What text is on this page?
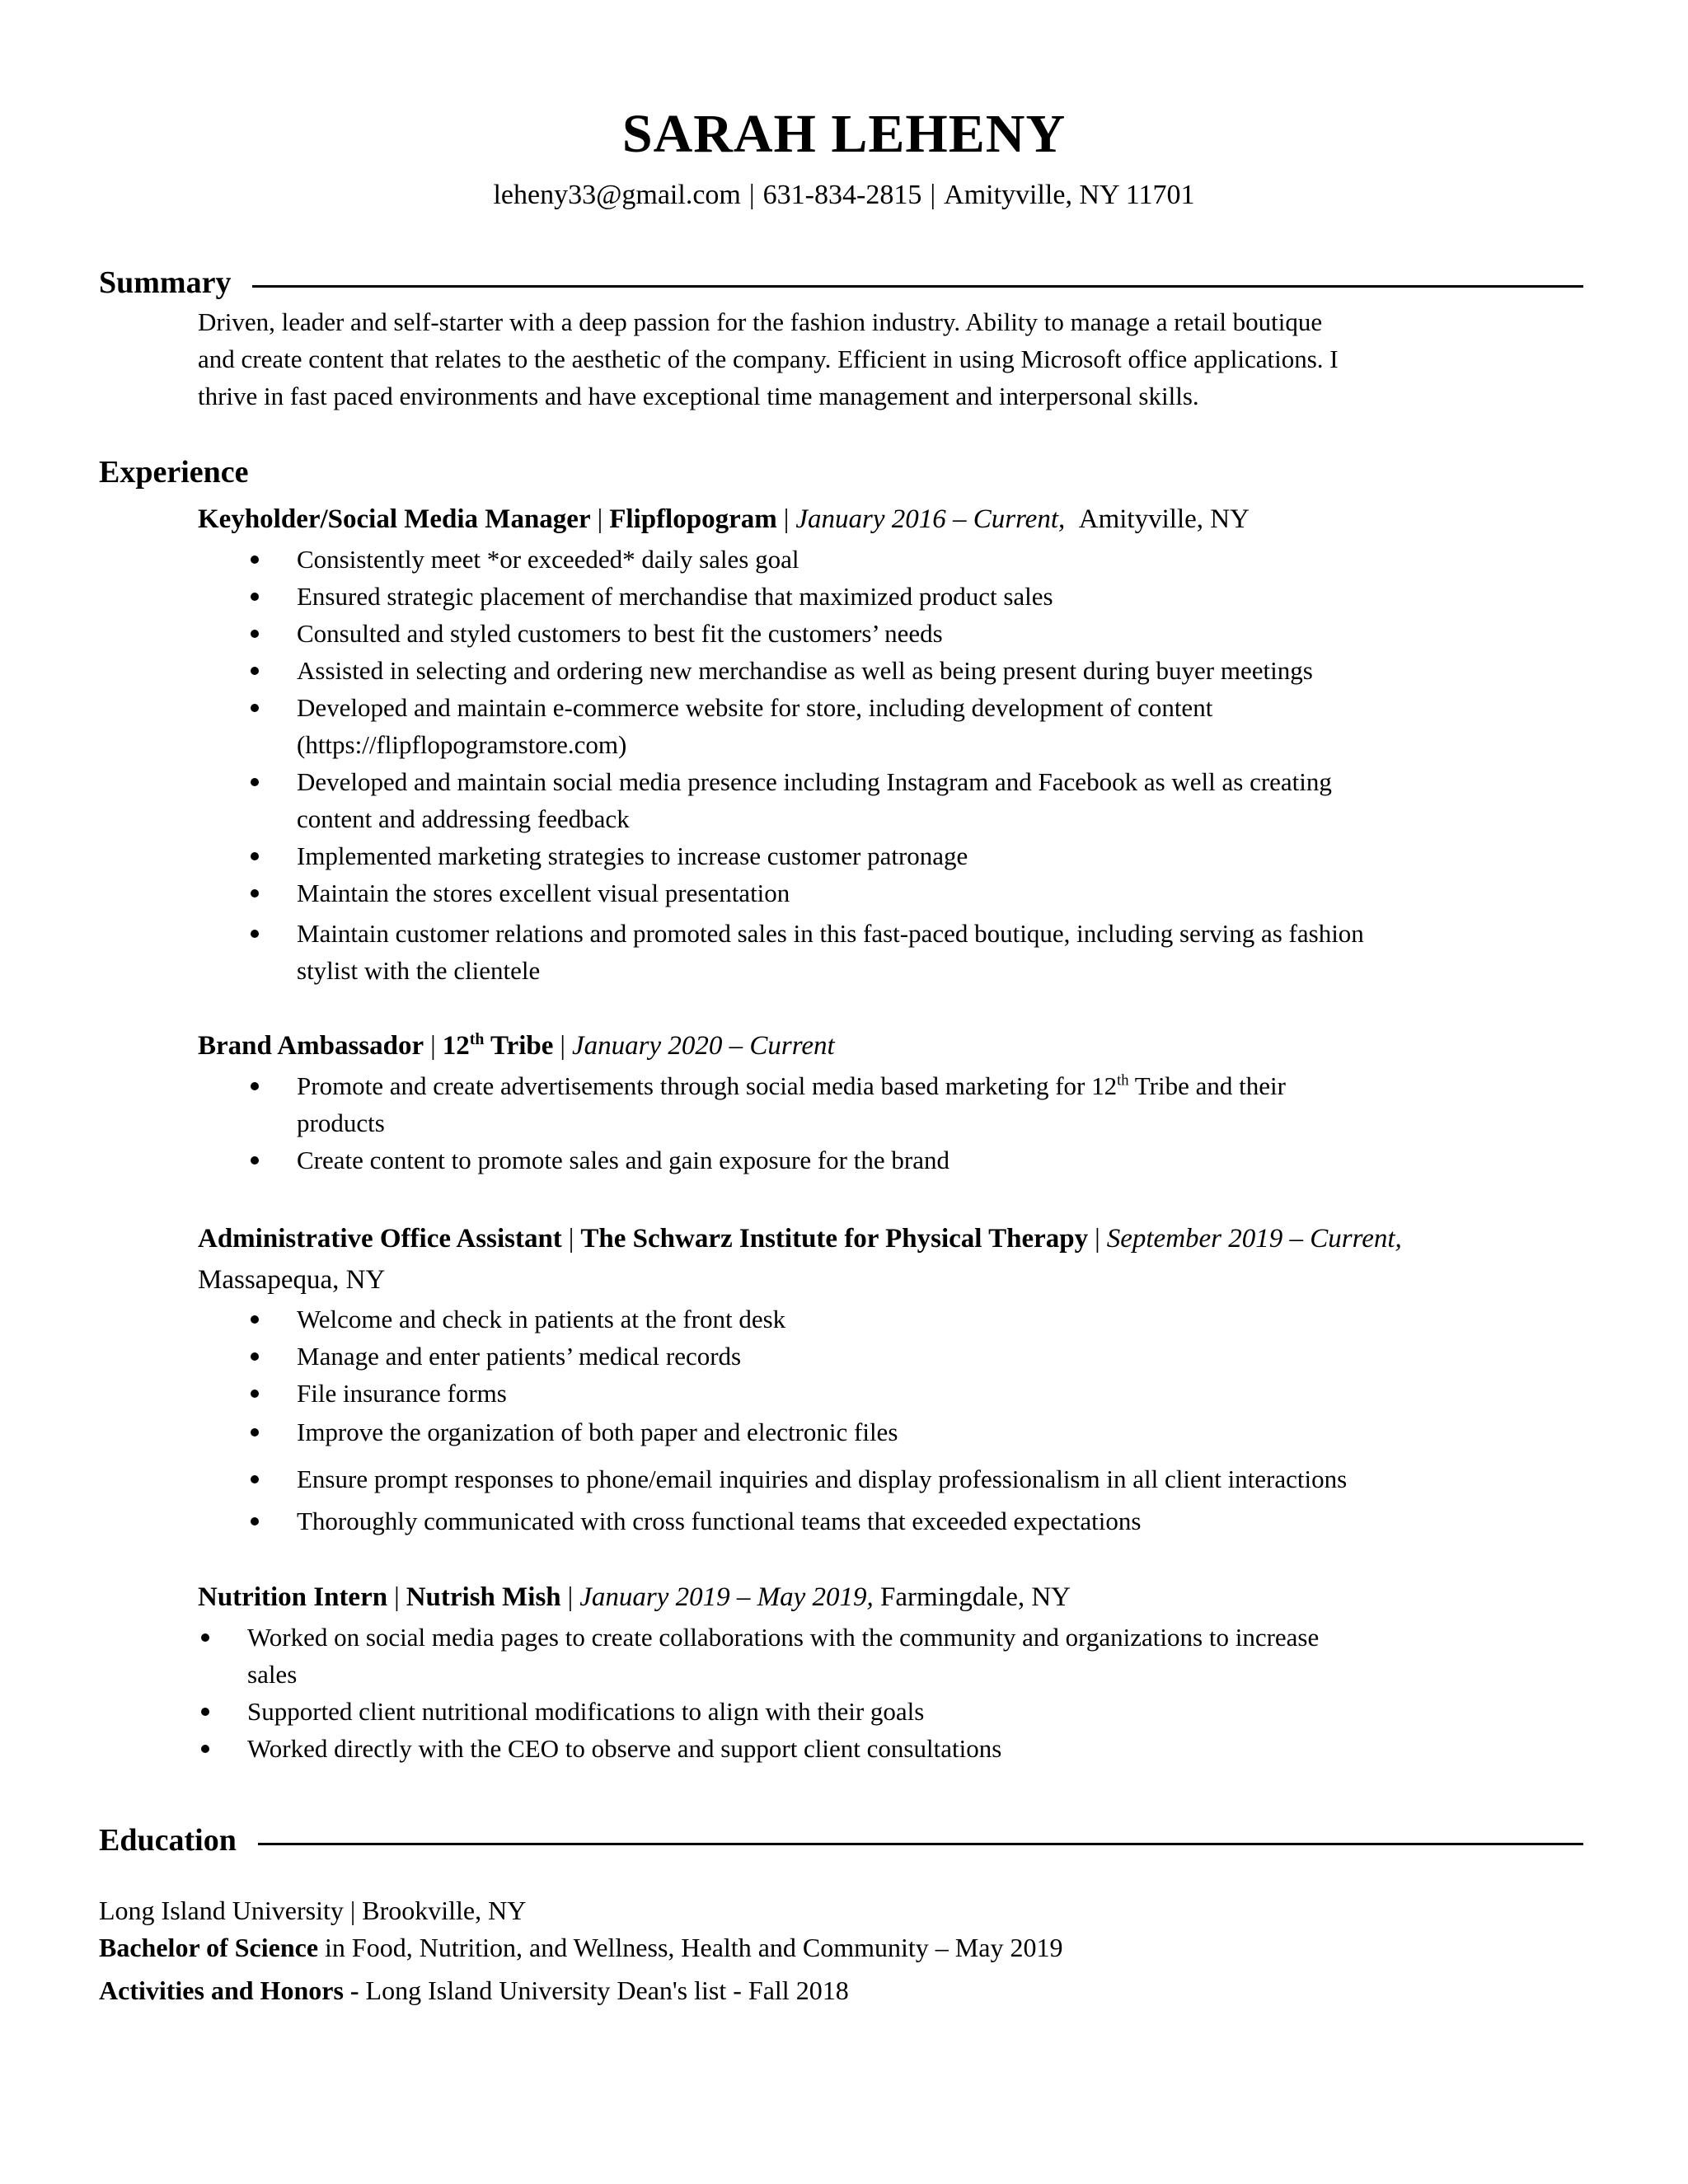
SARAH LEHENY
leheny33@gmail.com | 631-834-2815 | Amityville, NY 11701
Summary
Driven, leader and self-starter with a deep passion for the fashion industry. Ability to manage a retail boutique
and create content that relates to the aesthetic of the company. Efficient in using Microsoft office applications. I
thrive in fast paced environments and have exceptional time management and interpersonal skills.
Experience
Keyholder/Social Media Manager | Flipflopogram | January 2016 – Current, Amityville, NY
Consistently meet *or exceeded* daily sales goal
Ensured strategic placement of merchandise that maximized product sales
Consulted and styled customers to best fit the customers’ needs
Assisted in selecting and ordering new merchandise as well as being present during buyer meetings
Developed and maintain e-commerce website for store, including development of content
(https://flipflopogramstore.com)
Developed and maintain social media presence including Instagram and Facebook as well as creating
content and addressing feedback
Implemented marketing strategies to increase customer patronage
Maintain the stores excellent visual presentation
Maintain customer relations and promoted sales in this fast-paced boutique, including serving as fashion
stylist with the clientele
Brand Ambassador | 12th Tribe | January 2020 – Current
Promote and create advertisements through social media based marketing for 12th Tribe and their
products
Create content to promote sales and gain exposure for the brand
Administrative Office Assistant | The Schwarz Institute for Physical Therapy | September 2019 – Current,
Massapequa, NY
Welcome and check in patients at the front desk
Manage and enter patients’ medical records
File insurance forms
Improve the organization of both paper and electronic files
Ensure prompt responses to phone/email inquiries and display professionalism in all client interactions
Thoroughly communicated with cross functional teams that exceeded expectations
Nutrition Intern | Nutrish Mish | January 2019 – May 2019, Farmingdale, NY
Worked on social media pages to create collaborations with the community and organizations to increase
sales
Supported client nutritional modifications to align with their goals
Worked directly with the CEO to observe and support client consultations
Education
Long Island University | Brookville, NY
Bachelor of Science in Food, Nutrition, and Wellness, Health and Community – May 2019
Activities and Honors - Long Island University Dean's list - Fall 2018
